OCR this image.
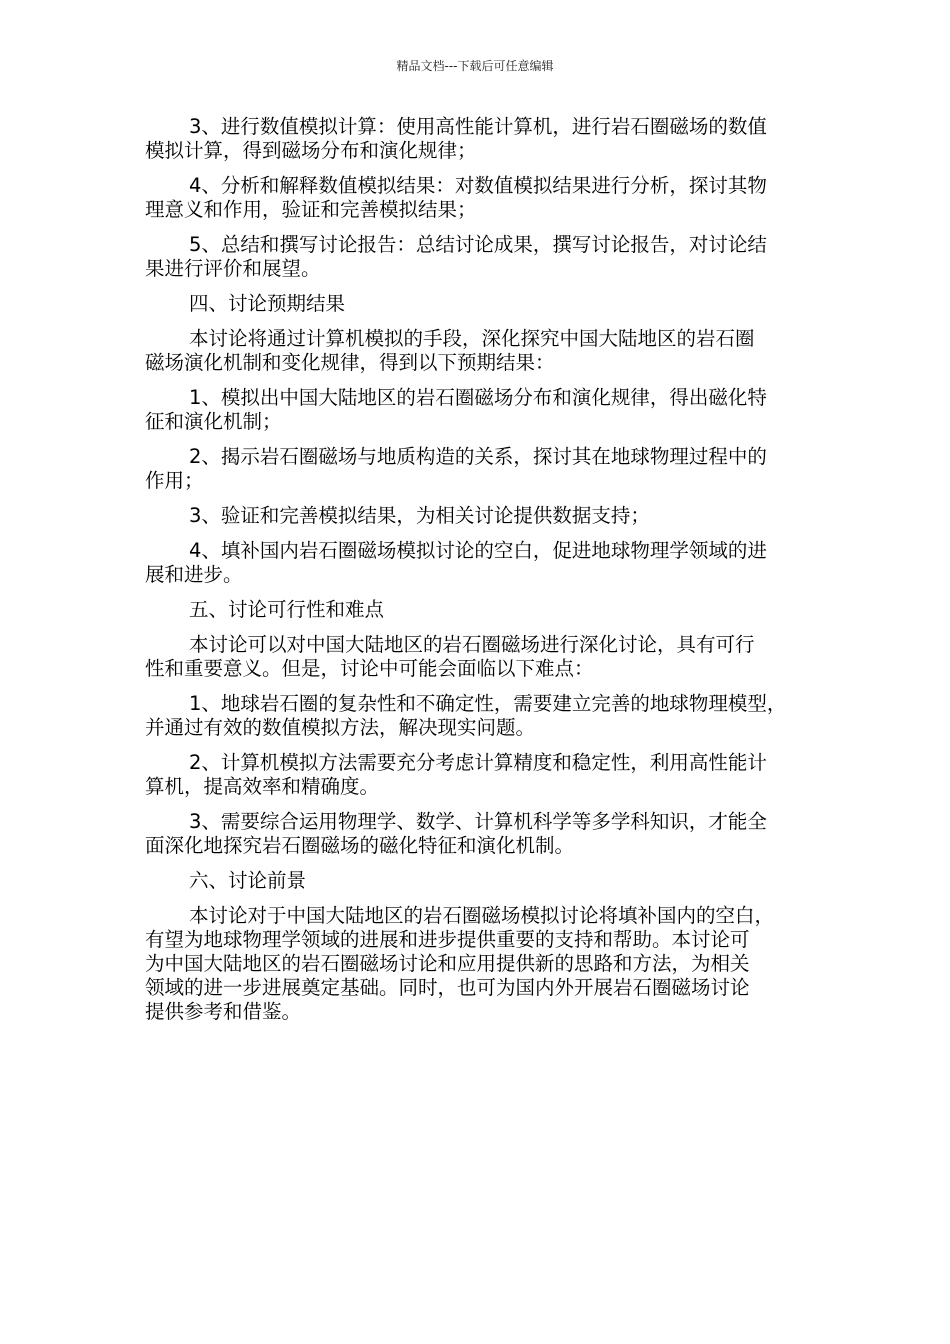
精品文档---下载后可任意编辑

3、进行数值模拟计算：使用高性能计算机，进行岩石圈磁场的数值
模拟计算，得到磁场分布和演化规律；

4、分析和解释数值模拟结果：对数值模拟结果进行分析，探讨其物
理意义和作用，验证和完善模拟结果；

5、总结和撰写讨论报告：总结讨论成果，撰写讨论报告，对讨论结
果进行评价和展望。

四、讨论预期结果

本讨论将通过计算机模拟的手段，深化探究中国大陆地区的岩石圈
磁场演化机制和变化规律，得到以下预期结果：

1、模拟出中国大陆地区的岩石圈磁场分布和演化规律，得出磁化特
征和演化机制；

2、揭示岩石圈磁场与地质构造的关系，探讨其在地球物理过程中的
作用；

3、验证和完善模拟结果，为相关讨论提供数据支持；

4、填补国内岩石圈磁场模拟讨论的空白，促进地球物理学领域的进
展和进步。

五、讨论可行性和难点

本讨论可以对中国大陆地区的岩石圈磁场进行深化讨论，具有可行
性和重要意义。但是，讨论中可能会面临以下难点：

1、地球岩石圈的复杂性和不确定性，需要建立完善的地球物理模型，
并通过有效的数值模拟方法，解决现实问题。

2、计算机模拟方法需要充分考虑计算精度和稳定性，利用高性能计
算机，提高效率和精确度。

3、需要综合运用物理学、数学、计算机科学等多学科知识，才能全
面深化地探究岩石圈磁场的磁化特征和演化机制。

六、讨论前景

本讨论对于中国大陆地区的岩石圈磁场模拟讨论将填补国内的空白，
有望为地球物理学领域的进展和进步提供重要的支持和帮助。本讨论可
为中国大陆地区的岩石圈磁场讨论和应用提供新的思路和方法，为相关
领域的进一步进展奠定基础。同时，也可为国内外开展岩石圈磁场讨论
提供参考和借鉴。
